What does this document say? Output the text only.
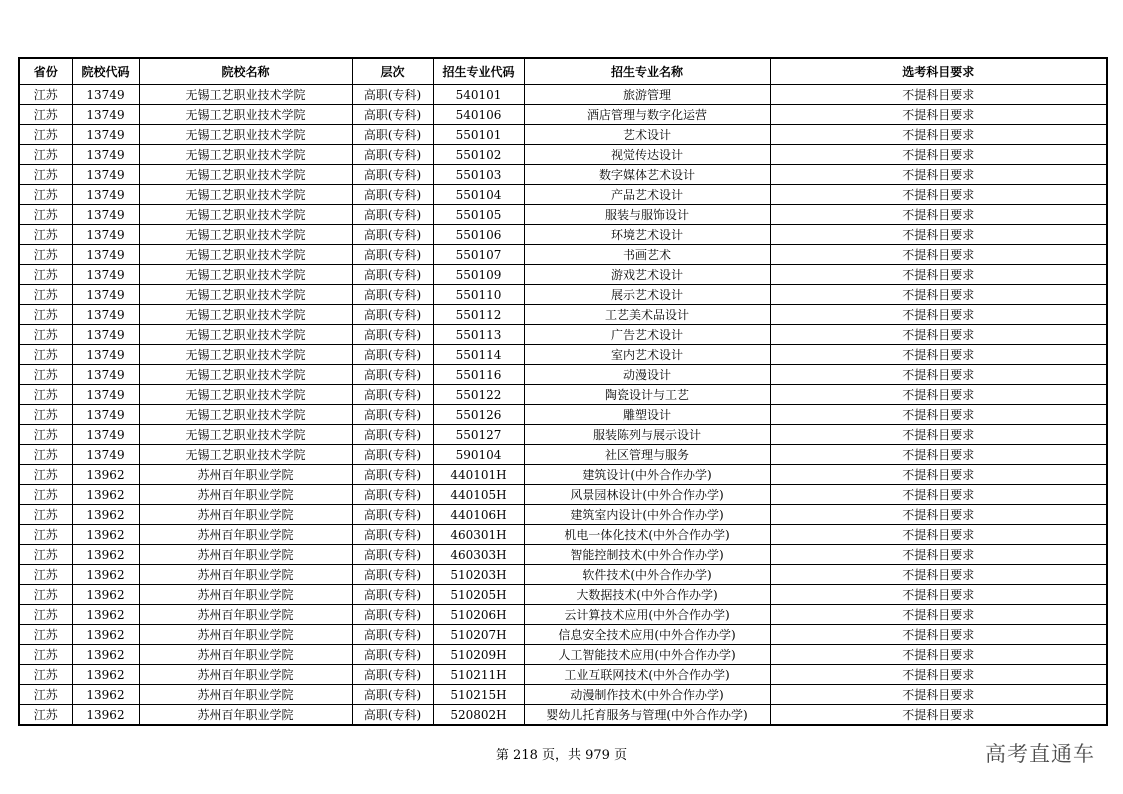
省份	院校代码	院校名称	层次	招生专业代码	招生专业名称	选考科目要求
江苏	13749	无锡工艺职业技术学院	高职(专科)	540101	旅游管理	不提科目要求
江苏	13749	无锡工艺职业技术学院	高职(专科)	540106	酒店管理与数字化运营	不提科目要求
江苏	13749	无锡工艺职业技术学院	高职(专科)	550101	艺术设计	不提科目要求
江苏	13749	无锡工艺职业技术学院	高职(专科)	550102	视觉传达设计	不提科目要求
江苏	13749	无锡工艺职业技术学院	高职(专科)	550103	数字媒体艺术设计	不提科目要求
江苏	13749	无锡工艺职业技术学院	高职(专科)	550104	产品艺术设计	不提科目要求
江苏	13749	无锡工艺职业技术学院	高职(专科)	550105	服装与服饰设计	不提科目要求
江苏	13749	无锡工艺职业技术学院	高职(专科)	550106	环境艺术设计	不提科目要求
江苏	13749	无锡工艺职业技术学院	高职(专科)	550107	书画艺术	不提科目要求
江苏	13749	无锡工艺职业技术学院	高职(专科)	550109	游戏艺术设计	不提科目要求
江苏	13749	无锡工艺职业技术学院	高职(专科)	550110	展示艺术设计	不提科目要求
江苏	13749	无锡工艺职业技术学院	高职(专科)	550112	工艺美术品设计	不提科目要求
江苏	13749	无锡工艺职业技术学院	高职(专科)	550113	广告艺术设计	不提科目要求
江苏	13749	无锡工艺职业技术学院	高职(专科)	550114	室内艺术设计	不提科目要求
江苏	13749	无锡工艺职业技术学院	高职(专科)	550116	动漫设计	不提科目要求
江苏	13749	无锡工艺职业技术学院	高职(专科)	550122	陶瓷设计与工艺	不提科目要求
江苏	13749	无锡工艺职业技术学院	高职(专科)	550126	雕塑设计	不提科目要求
江苏	13749	无锡工艺职业技术学院	高职(专科)	550127	服装陈列与展示设计	不提科目要求
江苏	13749	无锡工艺职业技术学院	高职(专科)	590104	社区管理与服务	不提科目要求
江苏	13962	苏州百年职业学院	高职(专科)	440101H	建筑设计(中外合作办学)	不提科目要求
江苏	13962	苏州百年职业学院	高职(专科)	440105H	风景园林设计(中外合作办学)	不提科目要求
江苏	13962	苏州百年职业学院	高职(专科)	440106H	建筑室内设计(中外合作办学)	不提科目要求
江苏	13962	苏州百年职业学院	高职(专科)	460301H	机电一体化技术(中外合作办学)	不提科目要求
江苏	13962	苏州百年职业学院	高职(专科)	460303H	智能控制技术(中外合作办学)	不提科目要求
江苏	13962	苏州百年职业学院	高职(专科)	510203H	软件技术(中外合作办学)	不提科目要求
江苏	13962	苏州百年职业学院	高职(专科)	510205H	大数据技术(中外合作办学)	不提科目要求
江苏	13962	苏州百年职业学院	高职(专科)	510206H	云计算技术应用(中外合作办学)	不提科目要求
江苏	13962	苏州百年职业学院	高职(专科)	510207H	信息安全技术应用(中外合作办学)	不提科目要求
江苏	13962	苏州百年职业学院	高职(专科)	510209H	人工智能技术应用(中外合作办学)	不提科目要求
江苏	13962	苏州百年职业学院	高职(专科)	510211H	工业互联网技术(中外合作办学)	不提科目要求
江苏	13962	苏州百年职业学院	高职(专科)	510215H	动漫制作技术(中外合作办学)	不提科目要求
江苏	13962	苏州百年职业学院	高职(专科)	520802H	婴幼儿托育服务与管理(中外合作办学)	不提科目要求
第 218 页，共 979 页	高考直通车
